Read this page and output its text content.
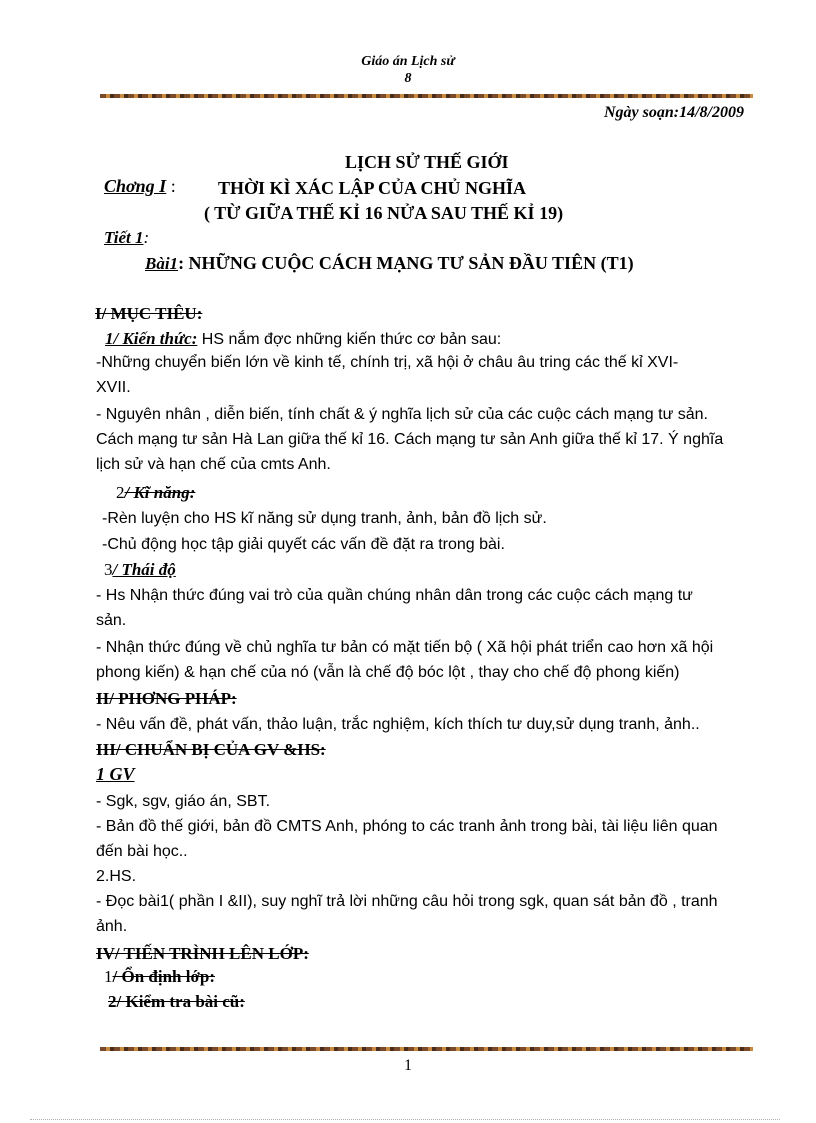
Giáo án Lịch sử
8
Ngày soạn:14/8/2009
LỊCH SỬ THẾ GIỚI
Chơng I : THỜI KÌ XÁC LẬP CỦA CHỦ NGHĨA
( TỪ GIỮA THẾ KỈ 16 NỬA SAU THẾ KỈ 19)
Tiết 1:
Bài1: NHỮNG CUỘC CÁCH MẠNG TƯ SẢN ĐẦU TIÊN (T1)
I/ MỤC TIÊU:
1/ Kiến thức: HS nắm đợc những kiến thức cơ bản sau:
-Những chuyển biến lớn về kinh tế, chính trị, xã hội ở châu âu tring các thế kỉ XVI-
XVII.
- Nguyên nhân , diễn biến, tính chất & ý nghĩa lịch sử của các cuộc cách mạng tư sản.
Cách mạng tư sản Hà Lan giữa thế kỉ 16. Cách mạng tư sản Anh giữa thế kỉ 17. Ý nghĩa
lịch sử và hạn chế của cmts Anh.
2/ Kĩ năng:
-Rèn luyện cho HS kĩ năng sử dụng tranh, ảnh, bản đồ lịch sử.
-Chủ động học tập giải quyết các vấn đề đặt ra trong bài.
3/ Thái độ
- Hs Nhận thức đúng vai trò của quần chúng nhân dân trong các cuộc cách mạng tư
sản.
- Nhận thức đúng về chủ nghĩa tư bản có mặt tiến bộ ( Xã hội phát triển cao hơn xã hội
phong kiến) & hạn chế của nó (vẫn là chế độ bóc lột , thay cho chế độ phong kiến)
II/ PHƠNG PHÁP:
- Nêu vấn đề, phát vấn, thảo luận, trắc nghiệm, kích thích tư duy,sử dụng tranh, ảnh..
III/ CHUẨN BỊ CỦA GV &HS:
1 GV
- Sgk, sgv, giáo án, SBT.
- Bản đồ thế giới, bản đồ CMTS Anh, phóng to các tranh ảnh trong bài, tài liệu liên quan
đến bài học..
2.HS.
- Đọc bài1( phần I &II), suy nghĩ trả lời những câu hỏi trong sgk, quan sát bản đồ , tranh
ảnh.
IV/ TIẾN TRÌNH LÊN LỚP:
1/ Ổn định lớp:
2/ Kiểm tra bài cũ:
1
